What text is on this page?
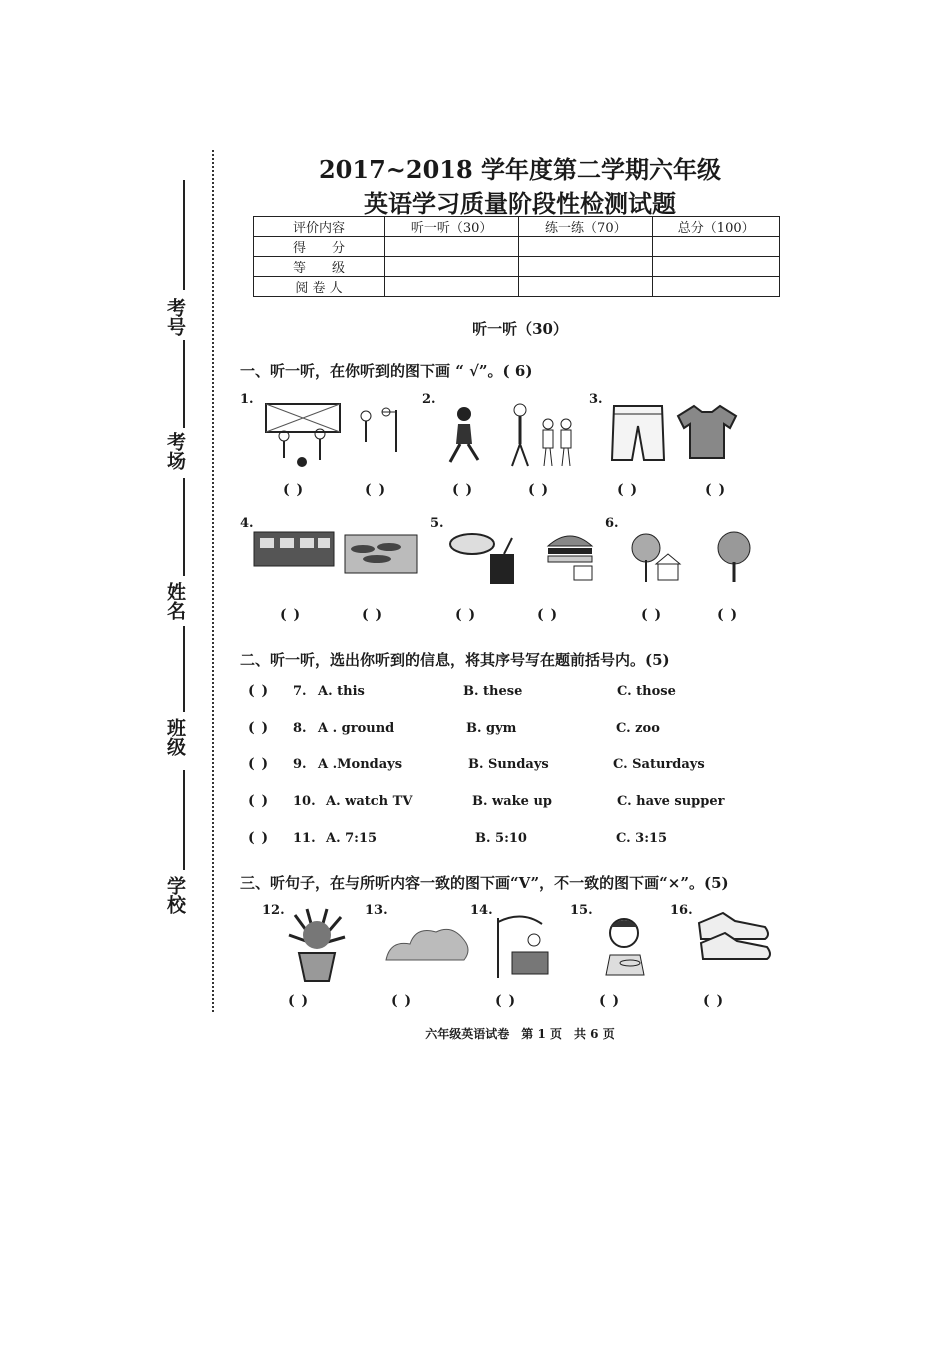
考号
考场
姓名
班级
学校
2017~2018 学年度第二学期六年级
英语学习质量阶段性检测试题
评价内容	听一听（30）	练一练（70）	总分（100）
得　　分			
等　　级			
阅 卷 人			
听一听（30）
一、听一听，在你听到的图下画 “ √”。( 6)
1.	2.	3.
( )	( )	( )	( )	( )	( )
4.	5.	6.
( )	( )	( )	( )	( )	( )
二、听一听，选出你听到的信息，将其序号写在题前括号内。(5)
( ) 7. A. this	B. these	C. those
( ) 8. A . ground	B. gym	C. zoo
( ) 9. A .Mondays	B. Sundays	C. Saturdays
( ) 10. A. watch TV	B. wake up	C. have supper
( ) 11. A. 7:15	B. 5:10	C. 3:15
三、听句子，在与所听内容一致的图下画“V”，不一致的图下画“×”。(5)
12.	13.	14.	15.	16.
( )	( )	( )	( )	( )
六年级英语试卷　第 1 页　共 6 页
